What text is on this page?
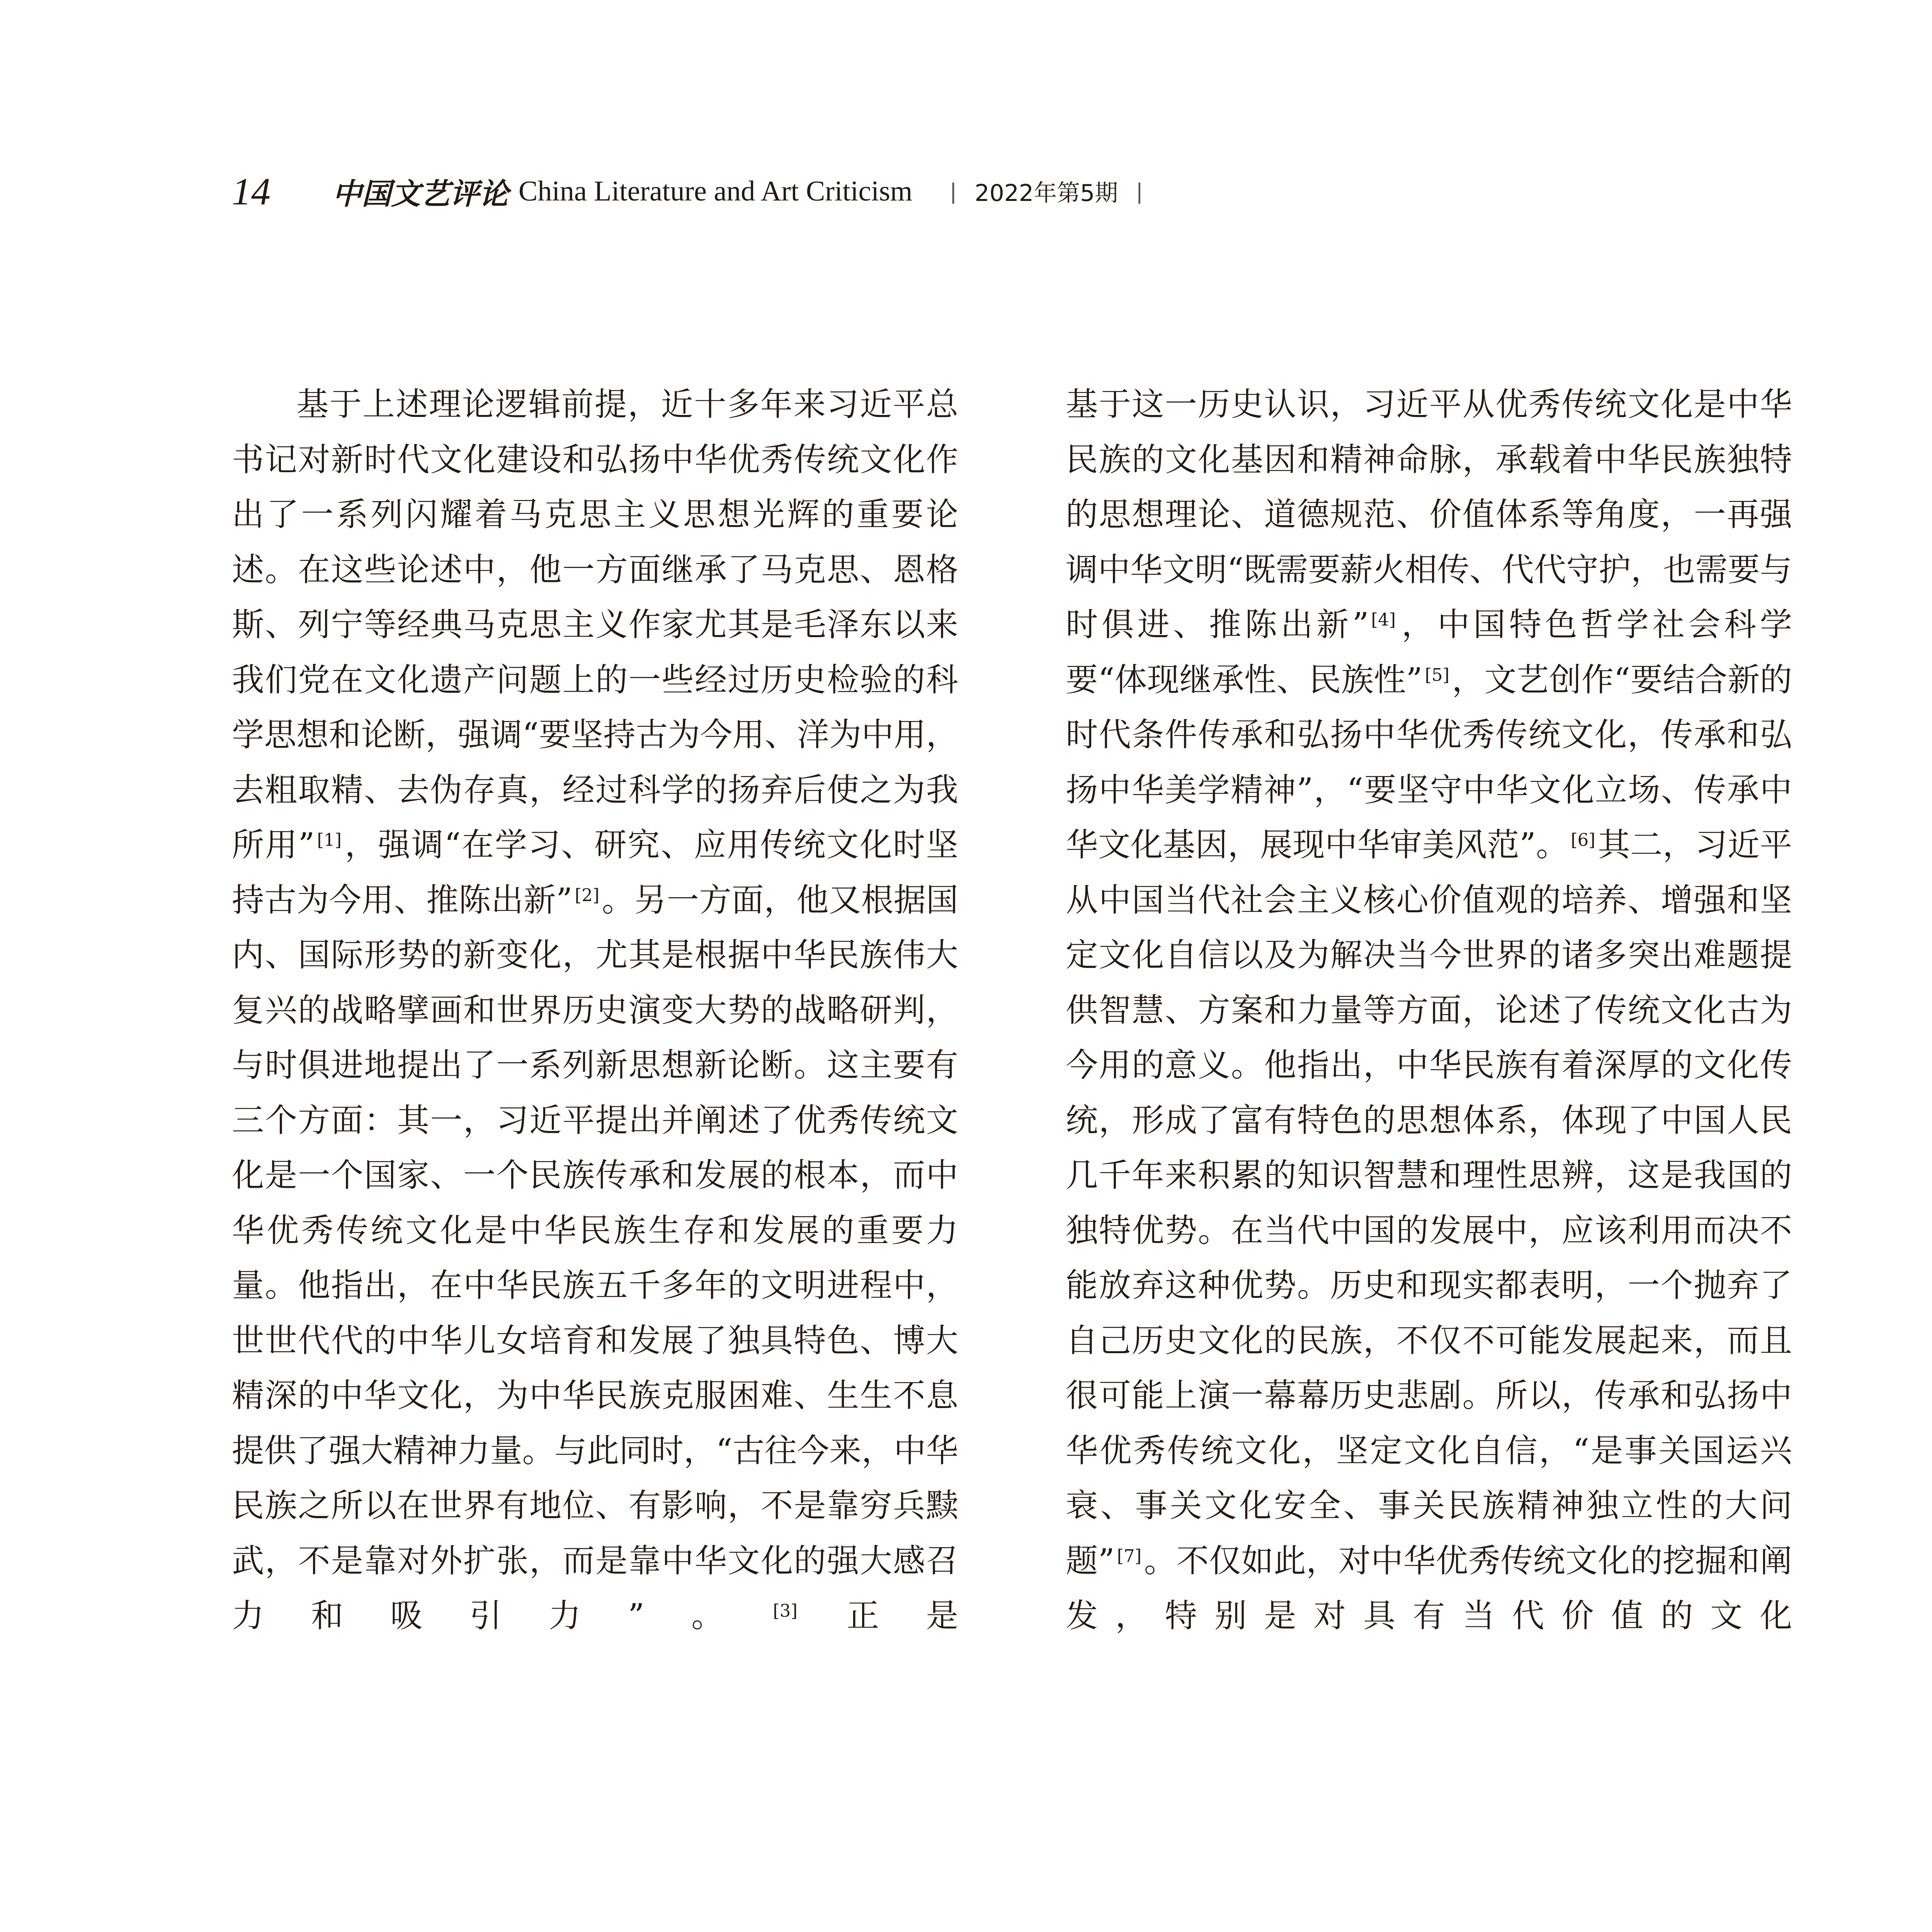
14 中国文艺评论 China Literature and Art Criticism | 2022年第5期 |

基于上述理论逻辑前提，近十多年来习近平总书记对新时代文化建设和弘扬中华优秀传统文化作出了一系列闪耀着马克思主义思想光辉的重要论述。在这些论述中，他一方面继承了马克思、恩格斯、列宁等经典马克思主义作家尤其是毛泽东以来我们党在文化遗产问题上的一些经过历史检验的科学思想和论断，强调“要坚持古为今用、洋为中用，去粗取精、去伪存真，经过科学的扬弃后使之为我所用” [1]，强调“在学习、研究、应用传统文化时坚持古为今用、推陈出新” [2]。另一方面，他又根据国内、国际形势的新变化，尤其是根据中华民族伟大复兴的战略擘画和世界历史演变大势的战略研判，与时俱进地提出了一系列新思想新论断。这主要有三个方面：其一，习近平提出并阐述了优秀传统文化是一个国家、一个民族传承和发展的根本，而中华优秀传统文化是中华民族生存和发展的重要力量。他指出，在中华民族五千多年的文明进程中，世世代代的中华儿女培育和发展了独具特色、博大精深的中华文化，为中华民族克服困难、生生不息提供了强大精神力量。与此同时，“古往今来，中华民族之所以在世界有地位、有影响，不是靠穷兵黩武，不是靠对外扩张，而是靠中华文化的强大感召力和吸引力”。 [3]正是

基于这一历史认识，习近平从优秀传统文化是中华民族的文化基因和精神命脉，承载着中华民族独特的思想理论、道德规范、价值体系等角度，一再强调中华文明“既需要薪火相传、代代守护，也需要与时俱进、推陈出新” [4]，中国特色哲学社会科学要“体现继承性、民族性” [5]，文艺创作“要结合新的时代条件传承和弘扬中华优秀传统文化，传承和弘扬中华美学精神”，“要坚守中华文化立场、传承中华文化基因，展现中华审美风范”。 [6]其二，习近平从中国当代社会主义核心价值观的培养、增强和坚定文化自信以及为解决当今世界的诸多突出难题提供智慧、方案和力量等方面，论述了传统文化古为今用的意义。他指出，中华民族有着深厚的文化传统，形成了富有特色的思想体系，体现了中国人民几千年来积累的知识智慧和理性思辨，这是我国的独特优势。在当代中国的发展中，应该利用而决不能放弃这种优势。历史和现实都表明，一个抛弃了自己历史文化的民族，不仅不可能发展起来，而且很可能上演一幕幕历史悲剧。所以，传承和弘扬中华优秀传统文化，坚定文化自信，“是事关国运兴衰、事关文化安全、事关民族精神独立性的大问题” [7]。不仅如此，对中华优秀传统文化的挖掘和阐发，特别是对具有当代价值的文化
